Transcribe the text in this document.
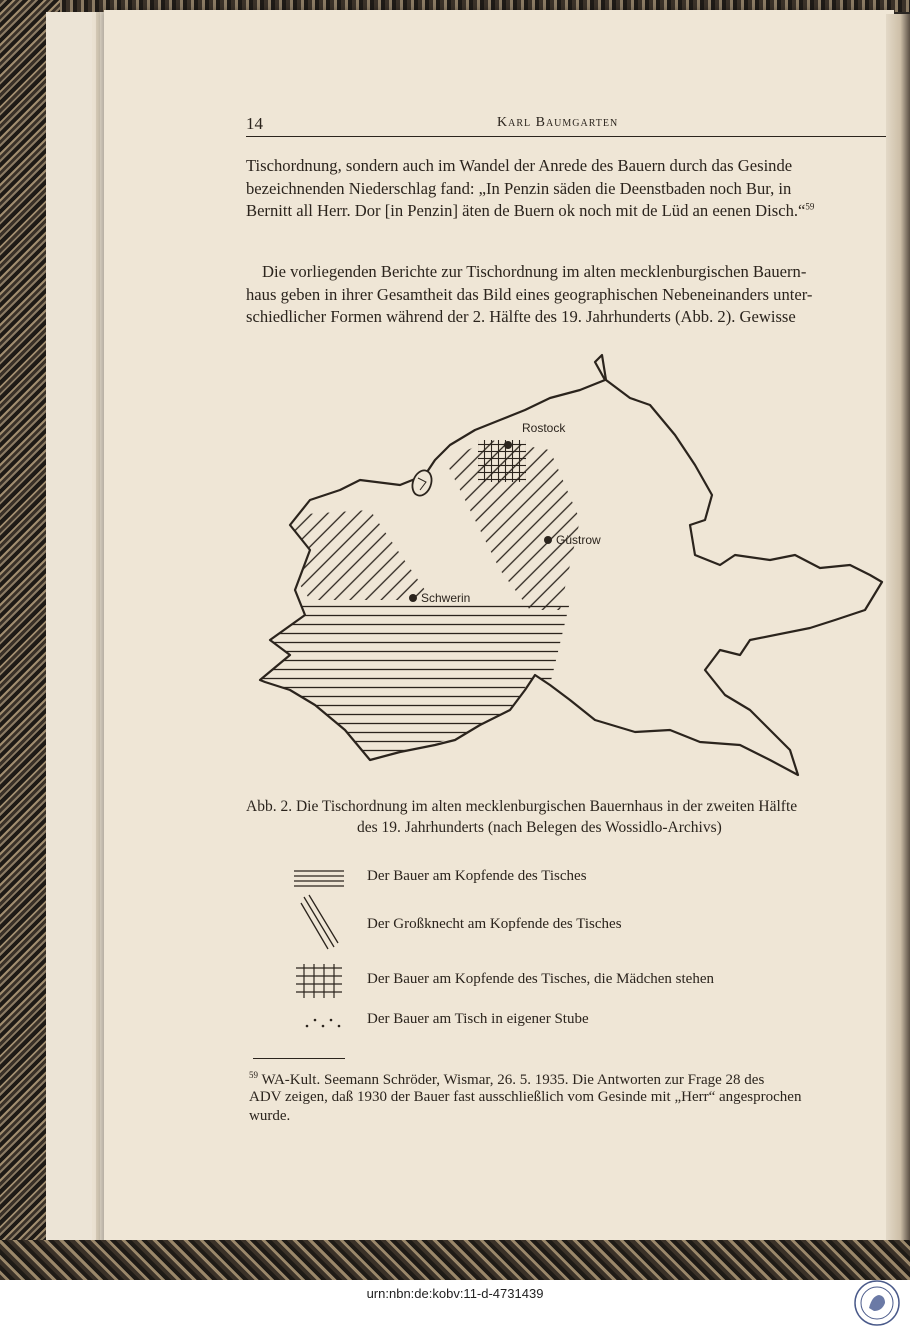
14	Karl Baumgarten
Tischordnung, sondern auch im Wandel der Anrede des Bauern durch das Gesinde
bezeichnenden Niederschlag fand: „In Penzin säden die Deenstbaden noch Bur, in
Bernitt all Herr. Dor [in Penzin] äten de Buern ok noch mit de Lüd an eenen Disch.“$^{59}$
Die vorliegenden Berichte zur Tischordnung im alten mecklenburgischen Bauern-
haus geben in ihrer Gesamtheit das Bild eines geographischen Nebeneinanders unter-
schiedlicher Formen während der 2. Hälfte des 19. Jahrhunderts (Abb. 2). Gewisse
Rostock
Güstrow
Schwerin
Abb. 2. Die Tischordnung im alten mecklenburgischen Bauernhaus in der zweiten Hälfte
des 19. Jahrhunderts (nach Belegen des Wossidlo-Archivs)
Der Bauer am Kopfende des Tisches
Der Großknecht am Kopfende des Tisches
Der Bauer am Kopfende des Tisches, die Mädchen stehen
Der Bauer am Tisch in eigener Stube
$^{59}$ WA-Kult. Seemann Schröder, Wismar, 26. 5. 1935. Die Antworten zur Frage 28 des
ADV zeigen, daß 1930 der Bauer fast ausschließlich vom Gesinde mit „Herr“ angesprochen
wurde.
urn:nbn:de:kobv:11-d-4731439
